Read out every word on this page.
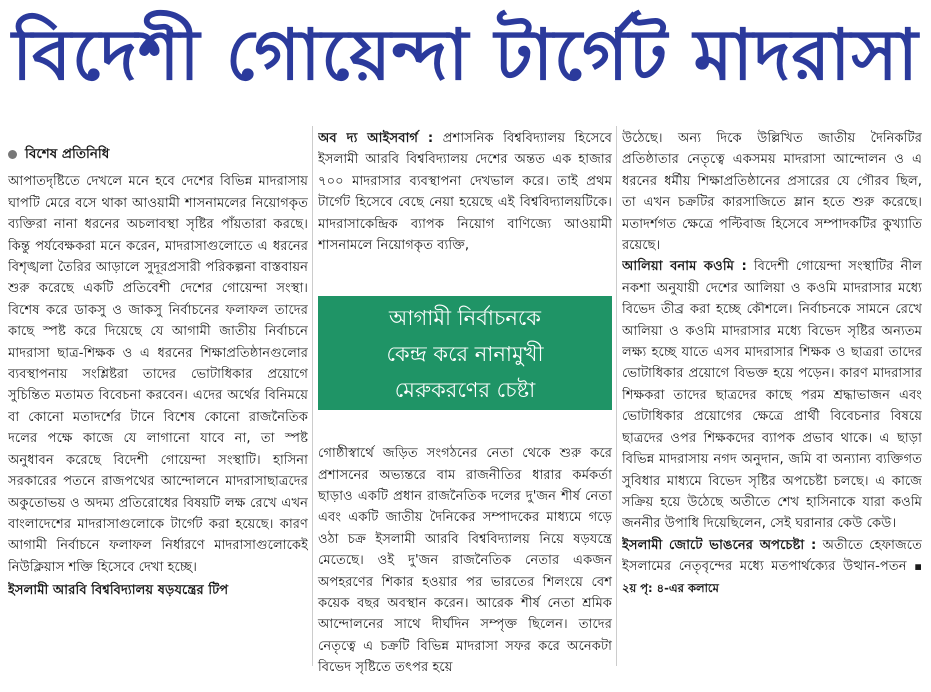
বিদেশী গোয়েন্দা টার্গেট মাদরাসা

বিশেষ প্রতিনিধি

আপাতদৃষ্টিতে দেখলে মনে হবে দেশের বিভিন্ন মাদরাসায় ঘাপটি মেরে বসে থাকা আওয়ামী শাসনামলের নিয়োগকৃত ব্যক্তিরা নানা ধরনের অচলাবস্থা সৃষ্টির পাঁয়তারা করছে। কিন্তু পর্যবেক্ষকরা মনে করেন, মাদরাসাগুলোতে এ ধরনের বিশৃঙ্খলা তৈরির আড়ালে সুদূরপ্রসারী পরিকল্পনা বাস্তবায়ন শুরু করেছে একটি প্রতিবেশী দেশের গোয়েন্দা সংস্থা। বিশেষ করে ডাকসু ও জাকসু নির্বাচনের ফলাফল তাদের কাছে স্পষ্ট করে দিয়েছে যে আগামী জাতীয় নির্বাচনে মাদরাসা ছাত্র-শিক্ষক ও এ ধরনের শিক্ষাপ্রতিষ্ঠানগুলোর ব্যবস্থাপনায় সংশ্লিষ্টরা তাদের ভোটাধিকার প্রয়োগে সুচিন্তিত মতামত বিবেচনা করবেন। এদের অর্থের বিনিময়ে বা কোনো মতাদর্শের টানে বিশেষ কোনো রাজনৈতিক দলের পক্ষে কাজে যে লাগানো যাবে না, তা স্পষ্ট অনুধাবন করেছে বিদেশী গোয়েন্দা সংস্থাটি। হাসিনা সরকারের পতনে রাজপথের আন্দোলনে মাদরাসাছাত্রদের অকুতোভয় ও অদম্য প্রতিরোধের বিষয়টি লক্ষ রেখে এখন বাংলাদেশের মাদরাসাগুলোকে টার্গেট করা হয়েছে। কারণ আগামী নির্বাচনে ফলাফল নির্ধারণে মাদরাসাগুলোকেই নিউক্লিয়াস শক্তি হিসেবে দেখা হচ্ছে।

ইসলামী আরবি বিশ্ববিদ্যালয় ষড়যন্ত্রের টিপ

অব দ্য আইসবার্গ : প্রশাসনিক বিশ্ববিদ্যালয় হিসেবে ইসলামী আরবি বিশ্ববিদ্যালয় দেশের অন্তত এক হাজার ৭০০ মাদরাসার ব্যবস্থাপনা দেখভাল করে। তাই প্রথম টার্গেট হিসেবে বেছে নেয়া হয়েছে এই বিশ্ববিদ্যালয়টিকে। মাদরাসাকেন্দ্রিক ব্যাপক নিয়োগ বাণিজ্যে আওয়ামী শাসনামলে নিয়োগকৃত ব্যক্তি,

আগামী নির্বাচনকে
কেন্দ্র করে নানামুখী
মেরুকরণের চেষ্টা

গোষ্ঠীস্বার্থে জড়িত সংগঠনের নেতা থেকে শুরু করে প্রশাসনের অভ্যন্তরে বাম রাজনীতির ধারার কর্মকর্তা ছাড়াও একটি প্রধান রাজনৈতিক দলের দু'জন শীর্ষ নেতা এবং একটি জাতীয় দৈনিকের সম্পাদকের মাধ্যমে গড়ে ওঠা চক্র ইসলামী আরবি বিশ্ববিদ্যালয় নিয়ে ষড়যন্ত্রে মেতেছে। ওই দু'জন রাজনৈতিক নেতার একজন অপহরণের শিকার হওয়ার পর ভারতের শিলংয়ে বেশ কয়েক বছর অবস্থান করেন। আরেক শীর্ষ নেতা শ্রমিক আন্দোলনের সাথে দীর্ঘদিন সম্পৃক্ত ছিলেন। তাদের নেতৃত্বে এ চক্রটি বিভিন্ন মাদরাসা সফর করে অনেকটা বিভেদ সৃষ্টিতে তৎপর হয়ে

উঠেছে। অন্য দিকে উল্লিখিত জাতীয় দৈনিকটির প্রতিষ্ঠাতার নেতৃত্বে একসময় মাদরাসা আন্দোলন ও এ ধরনের ধর্মীয় শিক্ষাপ্রতিষ্ঠানের প্রসারের যে গৌরব ছিল, তা এখন চক্রটির কারসাজিতে ম্লান হতে শুরু করেছে। মতাদর্শগত ক্ষেত্রে পল্টিবাজ হিসেবে সম্পাদকটির কুখ্যাতি রয়েছে।

আলিয়া বনাম কওমি : বিদেশী গোয়েন্দা সংস্থাটির নীল নকশা অনুযায়ী দেশের আলিয়া ও কওমি মাদরাসার মধ্যে বিভেদ তীব্র করা হচ্ছে কৌশলে। নির্বাচনকে সামনে রেখে আলিয়া ও কওমি মাদরাসার মধ্যে বিভেদ সৃষ্টির অন্যতম লক্ষ্য হচ্ছে যাতে এসব মাদরাসার শিক্ষক ও ছাত্ররা তাদের ভোটাধিকার প্রয়োগে বিভক্ত হয়ে পড়েন। কারণ মাদরাসার শিক্ষকরা তাদের ছাত্রদের কাছে পরম শ্রদ্ধাভাজন এবং ভোটাধিকার প্রয়োগের ক্ষেত্রে প্রার্থী বিবেচনার বিষয়ে ছাত্রদের ওপর শিক্ষকদের ব্যাপক প্রভাব থাকে। এ ছাড়া বিভিন্ন মাদরাসায় নগদ অনুদান, জমি বা অন্যান্য ব্যক্তিগত সুবিধার মাধ্যমে বিভেদ সৃষ্টির অপচেষ্টা চলছে। এ কাজে সক্রিয় হয়ে উঠেছে অতীতে শেখ হাসিনাকে যারা কওমি জননীর উপাধি দিয়েছিলেন, সেই ঘরানার কেউ কেউ।

ইসলামী জোটে ভাঙনের অপচেষ্টা : অতীতে হেফাজতে ইসলামের নেতৃবৃন্দের মধ্যে মতপার্থক্যের উত্থান-পতন ▪ ২য় পৃ: ৪-এর কলামে
